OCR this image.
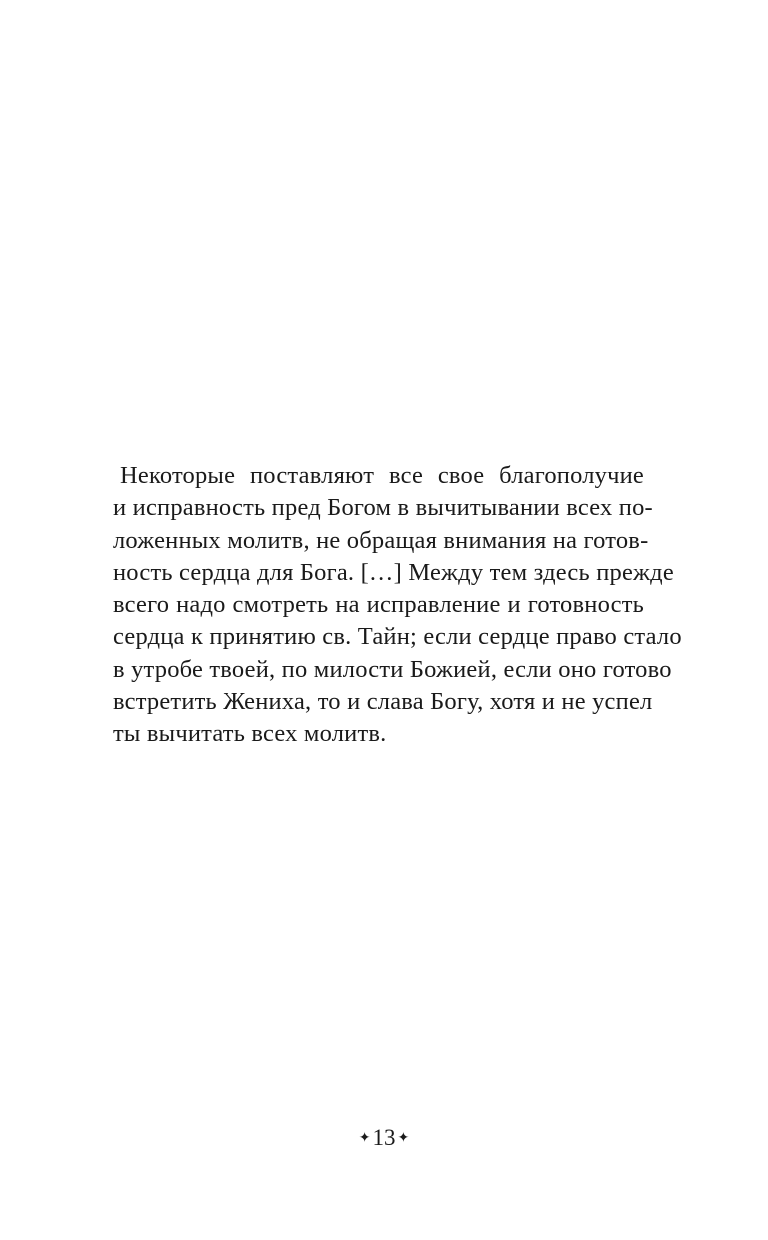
Некоторые поставляют все свое благополучие
и исправность пред Богом в вычитывании всех по-
ложенных молитв, не обращая внимания на готов-
ность сердца для Бога. […] Между тем здесь прежде
всего надо смотреть на исправление и готовность
сердца к принятию св. Тайн; если сердце право стало
в утробе твоей, по милости Божией, если оно готово
встретить Жениха, то и слава Богу, хотя и не успел
ты вычитать всех молитв.
✦13 ✦
